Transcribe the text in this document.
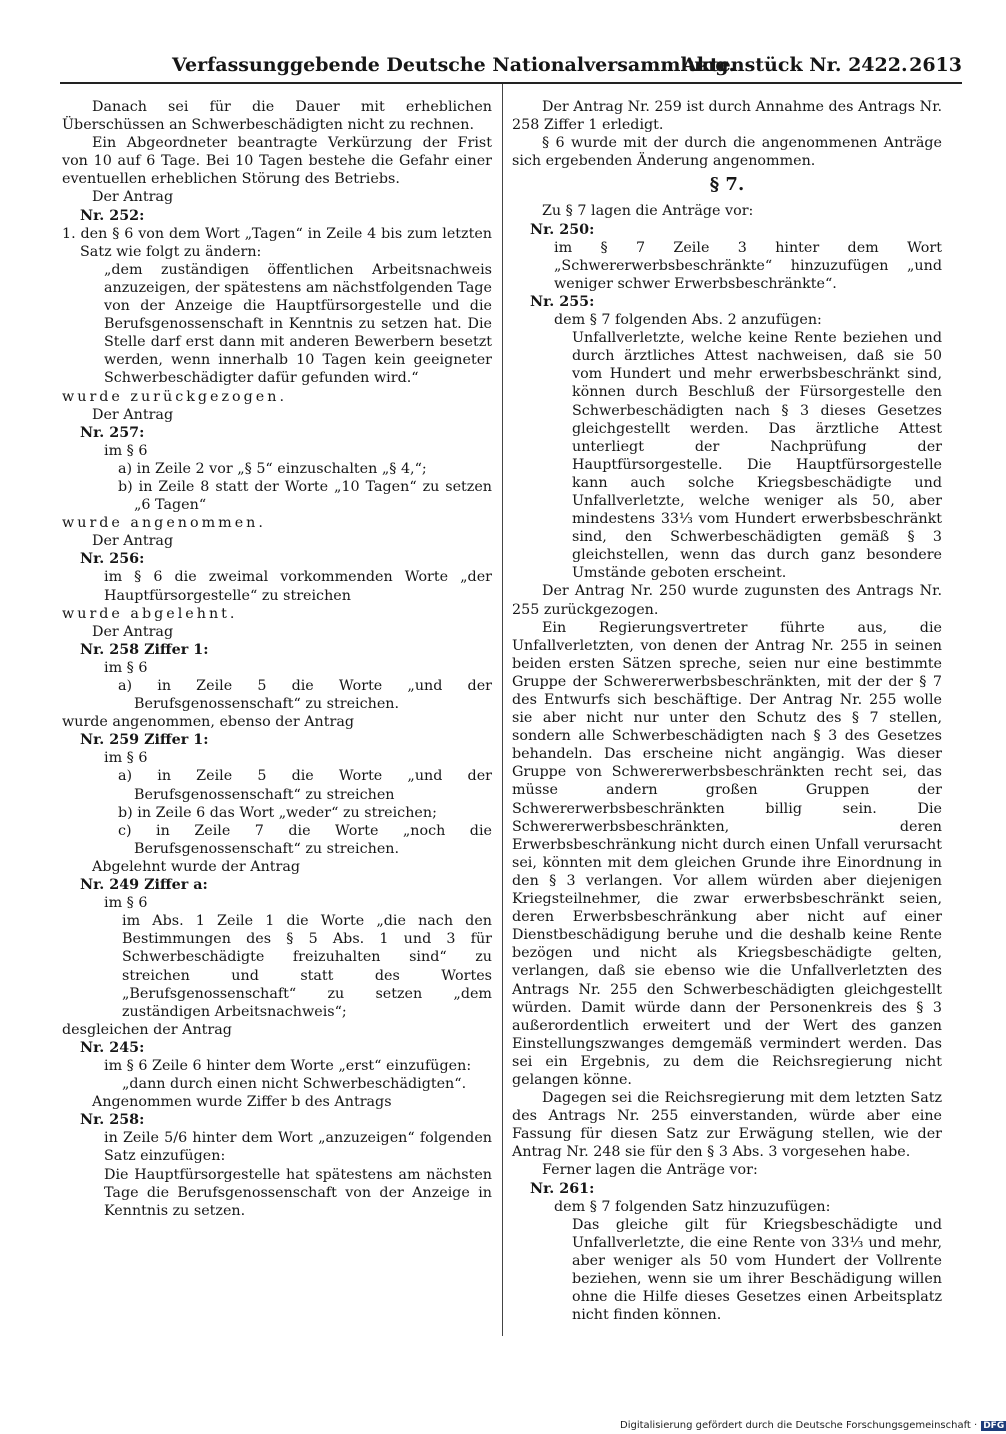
Verfassunggebende Deutsche Nationalversammlung.
Aktenstück Nr. 2422. 2613

Danach sei für die Dauer mit erheblichen Überschüssen an Schwerbeschädigten nicht zu rechnen.

Ein Abgeordneter beantragte Verkürzung der Frist von 10 auf 6 Tage. Bei 10 Tagen bestehe die Gefahr einer eventuellen erheblichen Störung des Betriebs.

Der Antrag

Nr. 252:

1. den § 6 von dem Wort „Tagen“ in Zeile 4 bis zum letzten Satz wie folgt zu ändern:

„dem zuständigen öffentlichen Arbeitsnachweis anzuzeigen, der spätestens am nächstfolgenden Tage von der Anzeige die Hauptfürsorgestelle und die Berufsgenossenschaft in Kenntnis zu setzen hat. Die Stelle darf erst dann mit anderen Bewerbern besetzt werden, wenn innerhalb 10 Tagen kein geeigneter Schwerbeschädigter dafür gefunden wird.“

wurde zurückgezogen.

Der Antrag

Nr. 257:

im § 6

a) in Zeile 2 vor „§ 5“ einzuschalten „§ 4,“;

b) in Zeile 8 statt der Worte „10 Tagen“ zu setzen „6 Tagen“

wurde angenommen.

Der Antrag

Nr. 256:

im § 6 die zweimal vorkommenden Worte „der Hauptfürsorgestelle“ zu streichen

wurde abgelehnt.

Der Antrag

Nr. 258 Ziffer 1:

im § 6

a) in Zeile 5 die Worte „und der Berufsgenossenschaft“ zu streichen.

wurde angenommen, ebenso der Antrag

Nr. 259 Ziffer 1:

im § 6

a) in Zeile 5 die Worte „und der Berufsgenossenschaft“ zu streichen

b) in Zeile 6 das Wort „weder“ zu streichen;

c) in Zeile 7 die Worte „noch die Berufsgenossenschaft“ zu streichen.

Abgelehnt wurde der Antrag

Nr. 249 Ziffer a:

im § 6

im Abs. 1 Zeile 1 die Worte „die nach den Bestimmungen des § 5 Abs. 1 und 3 für Schwerbeschädigte freizuhalten sind“ zu streichen und statt des Wortes „Berufsgenossenschaft“ zu setzen „dem zuständigen Arbeitsnachweis“;

desgleichen der Antrag

Nr. 245:

im § 6 Zeile 6 hinter dem Worte „erst“ einzufügen:

„dann durch einen nicht Schwerbeschädigten“.

Angenommen wurde Ziffer b des Antrags

Nr. 258:

in Zeile 5/6 hinter dem Wort „anzuzeigen“ folgenden Satz einzufügen:

Die Hauptfürsorgestelle hat spätestens am nächsten Tage die Berufsgenossenschaft von der Anzeige in Kenntnis zu setzen.

Der Antrag Nr. 259 ist durch Annahme des Antrags Nr. 258 Ziffer 1 erledigt.

§ 6 wurde mit der durch die angenommenen Anträge sich ergebenden Änderung angenommen.

§ 7.

Zu § 7 lagen die Anträge vor:

Nr. 250:

im § 7 Zeile 3 hinter dem Wort „Schwererwerbsbeschränkte“ hinzuzufügen „und weniger schwer Erwerbsbeschränkte“.

Nr. 255:

dem § 7 folgenden Abs. 2 anzufügen:

Unfallverletzte, welche keine Rente beziehen und durch ärztliches Attest nachweisen, daß sie 50 vom Hundert und mehr erwerbsbeschränkt sind, können durch Beschluß der Fürsorgestelle den Schwerbeschädigten nach § 3 dieses Gesetzes gleichgestellt werden. Das ärztliche Attest unterliegt der Nachprüfung der Hauptfürsorgestelle. Die Hauptfürsorgestelle kann auch solche Kriegsbeschädigte und Unfallverletzte, welche weniger als 50, aber mindestens 33⅓ vom Hundert erwerbsbeschränkt sind, den Schwerbeschädigten gemäß § 3 gleichstellen, wenn das durch ganz besondere Umstände geboten erscheint.

Der Antrag Nr. 250 wurde zugunsten des Antrags Nr. 255 zurückgezogen.

Ein Regierungsvertreter führte aus, die Unfallverletzten, von denen der Antrag Nr. 255 in seinen beiden ersten Sätzen spreche, seien nur eine bestimmte Gruppe der Schwererwerbsbeschränkten, mit der der § 7 des Entwurfs sich beschäftige. Der Antrag Nr. 255 wolle sie aber nicht nur unter den Schutz des § 7 stellen, sondern alle Schwerbeschädigten nach § 3 des Gesetzes behandeln. Das erscheine nicht angängig. Was dieser Gruppe von Schwererwerbsbeschränkten recht sei, das müsse andern großen Gruppen der Schwererwerbsbeschränkten billig sein. Die Schwererwerbsbeschränkten, deren Erwerbsbeschränkung nicht durch einen Unfall verursacht sei, könnten mit dem gleichen Grunde ihre Einordnung in den § 3 verlangen. Vor allem würden aber diejenigen Kriegsteilnehmer, die zwar erwerbsbeschränkt seien, deren Erwerbsbeschränkung aber nicht auf einer Dienstbeschädigung beruhe und die deshalb keine Rente bezögen und nicht als Kriegsbeschädigte gelten, verlangen, daß sie ebenso wie die Unfallverletzten des Antrags Nr. 255 den Schwerbeschädigten gleichgestellt würden. Damit würde dann der Personenkreis des § 3 außerordentlich erweitert und der Wert des ganzen Einstellungszwanges demgemäß vermindert werden. Das sei ein Ergebnis, zu dem die Reichsregierung nicht gelangen könne.

Dagegen sei die Reichsregierung mit dem letzten Satz des Antrags Nr. 255 einverstanden, würde aber eine Fassung für diesen Satz zur Erwägung stellen, wie der Antrag Nr. 248 sie für den § 3 Abs. 3 vorgesehen habe.

Ferner lagen die Anträge vor:

Nr. 261:

dem § 7 folgenden Satz hinzuzufügen:

Das gleiche gilt für Kriegsbeschädigte und Unfallverletzte, die eine Rente von 33⅓ und mehr, aber weniger als 50 vom Hundert der Vollrente beziehen, wenn sie um ihrer Beschädigung willen ohne die Hilfe dieses Gesetzes einen Arbeitsplatz nicht finden können.

Digitalisierung gefördert durch die Deutsche Forschungsgemeinschaft · DFG
